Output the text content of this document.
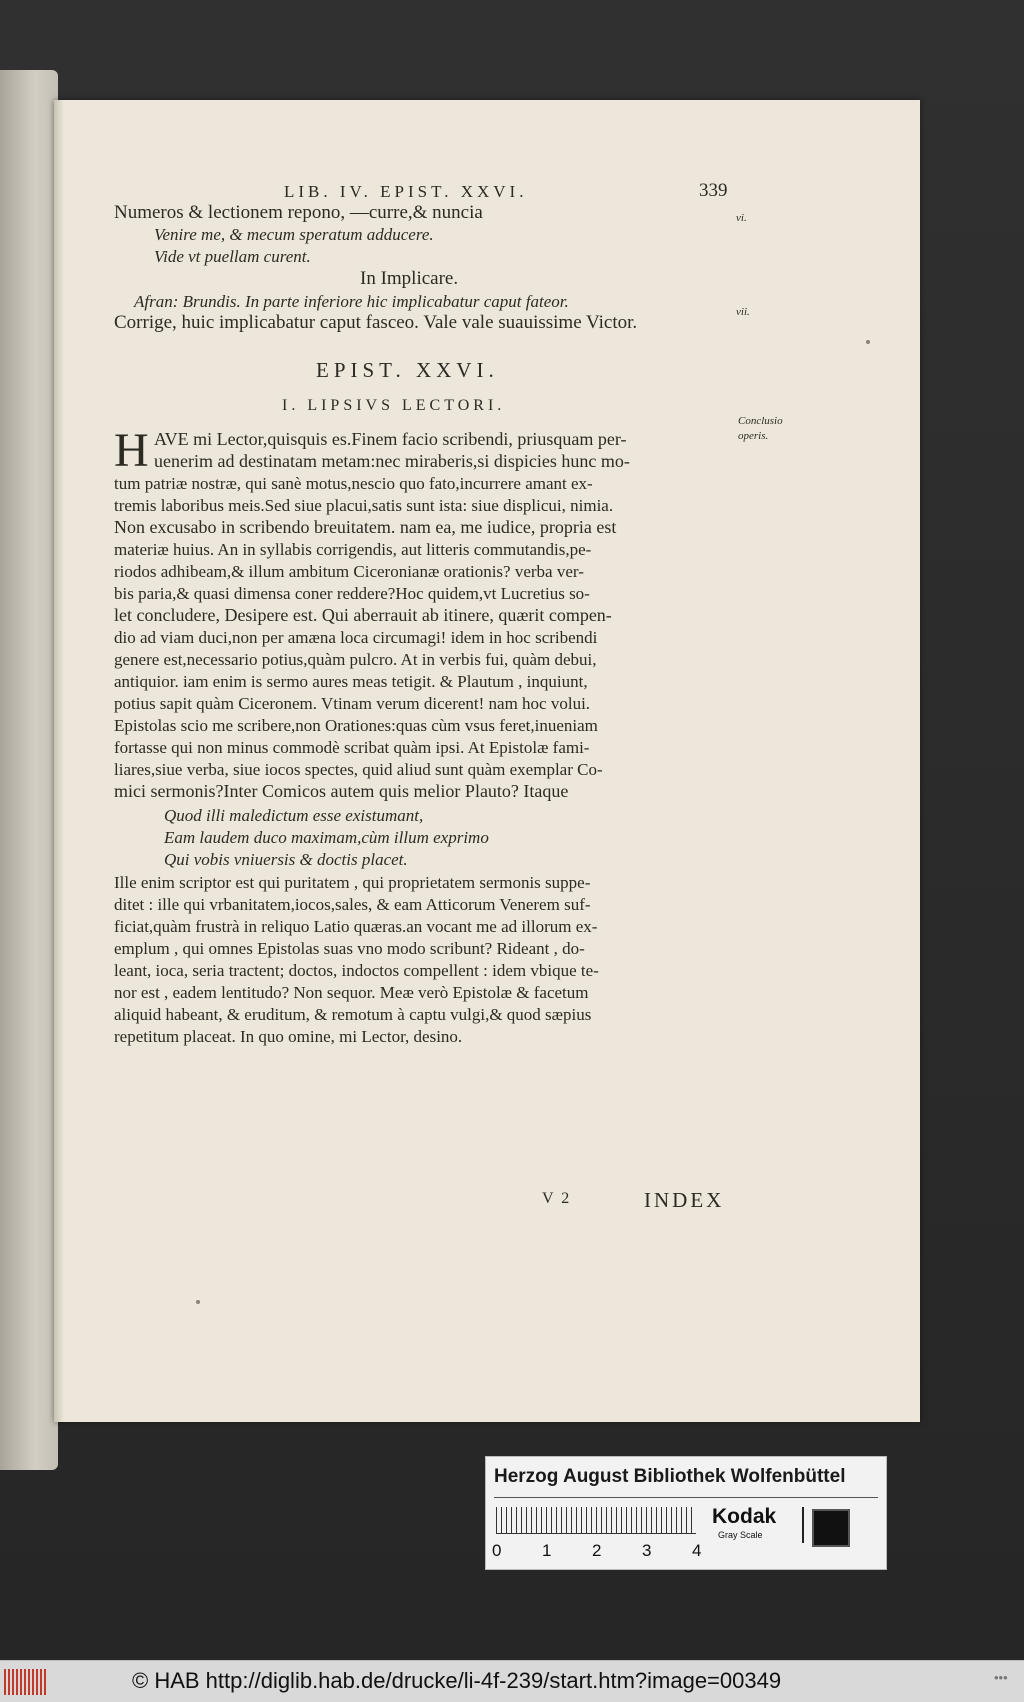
LIB. IV. EPIST. XXVI.	339
Numeros & lectionem repono, —curre,& nuncia
Venire me, & mecum speratum adducere.
Vide vt puellam curent.
In Implicare.
Afran: Brundis. In parte inferiore hic implicabatur caput fateor.
Corrige, huic implicabatur caput fasceo. Vale vale suauissime Victor.
vi.
vii.
Conclusio
operis.
EPIST. XXVI.
I. LIPSIVS LECTORI.
H AVE mi Lector,quisquis es.Finem facio scribendi, priusquam per-
uenerim ad destinatam metam:nec miraberis,si dispicies hunc mo-
tum patriæ nostræ, qui sanè motus,nescio quo fato,incurrere amant ex-
tremis laboribus meis.Sed siue placui,satis sunt ista: siue displicui, nimia.
Non excusabo in scribendo breuitatem. nam ea, me iudice, propria est
materiæ huius. An in syllabis corrigendis, aut litteris commutandis,pe-
riodos adhibeam,& illum ambitum Ciceronianæ orationis? verba ver-
bis paria,& quasi dimensa coner reddere?Hoc quidem,vt Lucretius so-
let concludere, Desipere est. Qui aberrauit ab itinere, quærit compen-
dio ad viam duci,non per amæna loca circumagi! idem in hoc scribendi
genere est,necessario potius,quàm pulcro. At in verbis fui, quàm debui,
antiquior. iam enim is sermo aures meas tetigit. & Plautum , inquiunt,
potius sapit quàm Ciceronem. Vtinam verum dicerent! nam hoc volui.
Epistolas scio me scribere,non Orationes:quas cùm vsus feret,inueniam
fortasse qui non minus commodè scribat quàm ipsi. At Epistolæ fami-
liares,siue verba, siue iocos spectes, quid aliud sunt quàm exemplar Co-
mici sermonis?Inter Comicos autem quis melior Plauto? Itaque
Quod illi maledictum esse existumant,
Eam laudem duco maximam,cùm illum exprimo
Qui vobis vniuersis & doctis placet.
Ille enim scriptor est qui puritatem , qui proprietatem sermonis suppe-
ditet : ille qui vrbanitatem,iocos,sales, & eam Atticorum Venerem suf-
ficiat,quàm frustrà in reliquo Latio quæras.an vocant me ad illorum ex-
emplum , qui omnes Epistolas suas vno modo scribunt? Rideant , do-
leant, ioca, seria tractent; doctos, indoctos compellent : idem vbique te-
nor est , eadem lentitudo? Non sequor. Meæ verò Epistolæ & facetum
aliquid habeant, & eruditum, & remotum à captu vulgi,& quod sæpius
repetitum placeat. In quo omine, mi Lector, desino.
V 2	INDEX
Herzog August Bibliothek Wolfenbüttel
0 1 2 3 4
Kodak
Gray Scale
© HAB http://diglib.hab.de/drucke/li-4f-239/start.htm?image=00349	•••
